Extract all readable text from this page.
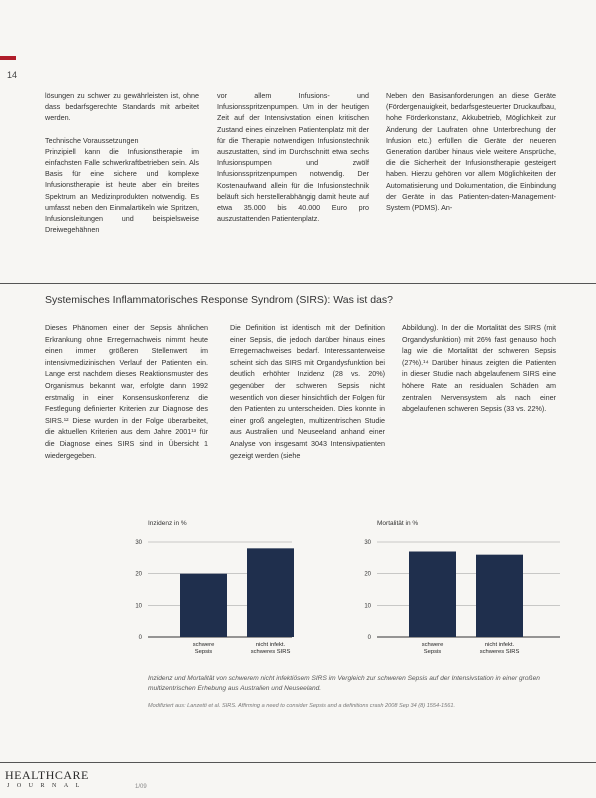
14

lösungen zu schwer zu gewährleisten ist, ohne dass bedarfsgerechte Standards mit arbeitet werden.

Technische Voraussetzungen

Prinzipiell kann die Infusionstherapie im einfachsten Falle schwerkraftbetrieben sein. Als Basis für eine sichere und komplexe Infusionstherapie ist heute aber ein breites Spektrum an Medizinprodukten notwendig. Es umfasst neben den Einmalartikeln wie Spritzen, Infusionsleitungen und beispielsweise Dreiwegehähnen

vor allem Infusions- und Infusionsspritzenpumpen. Um in der heutigen Zeit auf der Intensivstation einen kritischen Zustand eines einzelnen Patientenplatz mit der für die Therapie notwendigen Infusionstechnik auszustatten, sind im Durchschnitt etwa sechs Infusionspumpen und zwölf Infusionsspritzenpumpen notwendig. Der Kostenaufwand allein für die Infusionstechnik beläuft sich herstellerabhängig damit heute auf etwa 35.000 bis 40.000 Euro pro auszustattenden Patientenplatz.

Neben den Basisanforderungen an diese Geräte (Fördergenauigkeit, bedarfsgesteuerter Druckaufbau, hohe Förderkonstanz, Akkubetrieb, Möglichkeit zur Änderung der Laufraten ohne Unterbrechung der Infusion etc.) erfüllen die Geräte der neueren Generation darüber hinaus viele weitere Ansprüche, die die Sicherheit der Infusionstherapie gesteigert haben. Hierzu gehören vor allem Möglichkeiten der Automatisierung und Dokumentation, die Einbindung der Geräte in das Patienten-daten-Management-System (PDMS). An-

Systemisches Inflammatorisches Response Syndrom (SIRS): Was ist das?

Dieses Phänomen einer der Sepsis ähnlichen Erkrankung ohne Erregernachweis nimmt heute einen immer größeren Stellenwert im intensivmedizinischen Verlauf der Patienten ein. Lange erst nachdem dieses Reaktionsmuster des Organismus bekannt war, erfolgte dann 1992 erstmalig in einer Konsensuskonferenz die Festlegung definierter Kriterien zur Diagnose des SIRS.¹² Diese wurden in der Folge überarbeitet, die aktuellen Kriterien aus dem Jahre 2001¹³ für die Diagnose eines SIRS sind in Übersicht 1 wiedergegeben.

Die Definition ist identisch mit der Definition einer Sepsis, die jedoch darüber hinaus eines Erregernachweises bedarf. Interessanterweise scheint sich das SIRS mit Organdysfunktion bei deutlich erhöhter Inzidenz (28 vs. 20%) gegenüber der schweren Sepsis nicht wesentlich von dieser hinsichtlich der Folgen für den Patienten zu unterscheiden. Dies konnte in einer groß angelegten, multizentrischen Studie aus Australien und Neuseeland anhand einer Analyse von insgesamt 3043 Intensivpatienten gezeigt werden (siehe

Abbildung). In der die Mortalität des SIRS (mit Organdysfunktion) mit 26% fast genauso hoch lag wie die Mortalität der schweren Sepsis (27%).¹⁴ Darüber hinaus zeigten die Patienten in dieser Studie nach abgelaufenem SIRS eine höhere Rate an residualen Schäden am zentralen Nervensystem als nach einer abgelaufenen schweren Sepsis (33 vs. 22%).

Inzidenz in %
0
10
20
30
schwere
Sepsis
nicht infekt.
schweres SIRS
Mortalität in %
0
10
20
30
schwere
Sepsis
nicht infekt.
schweres SIRS
Inzidenz und Mortalität von schwerem nicht infektiösem SIRS im Vergleich zur schweren Sepsis auf der Intensivstation in einer großen multizentrischen Erhebung aus Australien und Neuseeland.
Modifiziert aus: Lanzetti et al. SIRS. Affirming a need to consider Sepsis and a definitions crash 2008 Sep 34 (8) 1554-1561.
HEALTHCARE
JOURNAL	1/09
